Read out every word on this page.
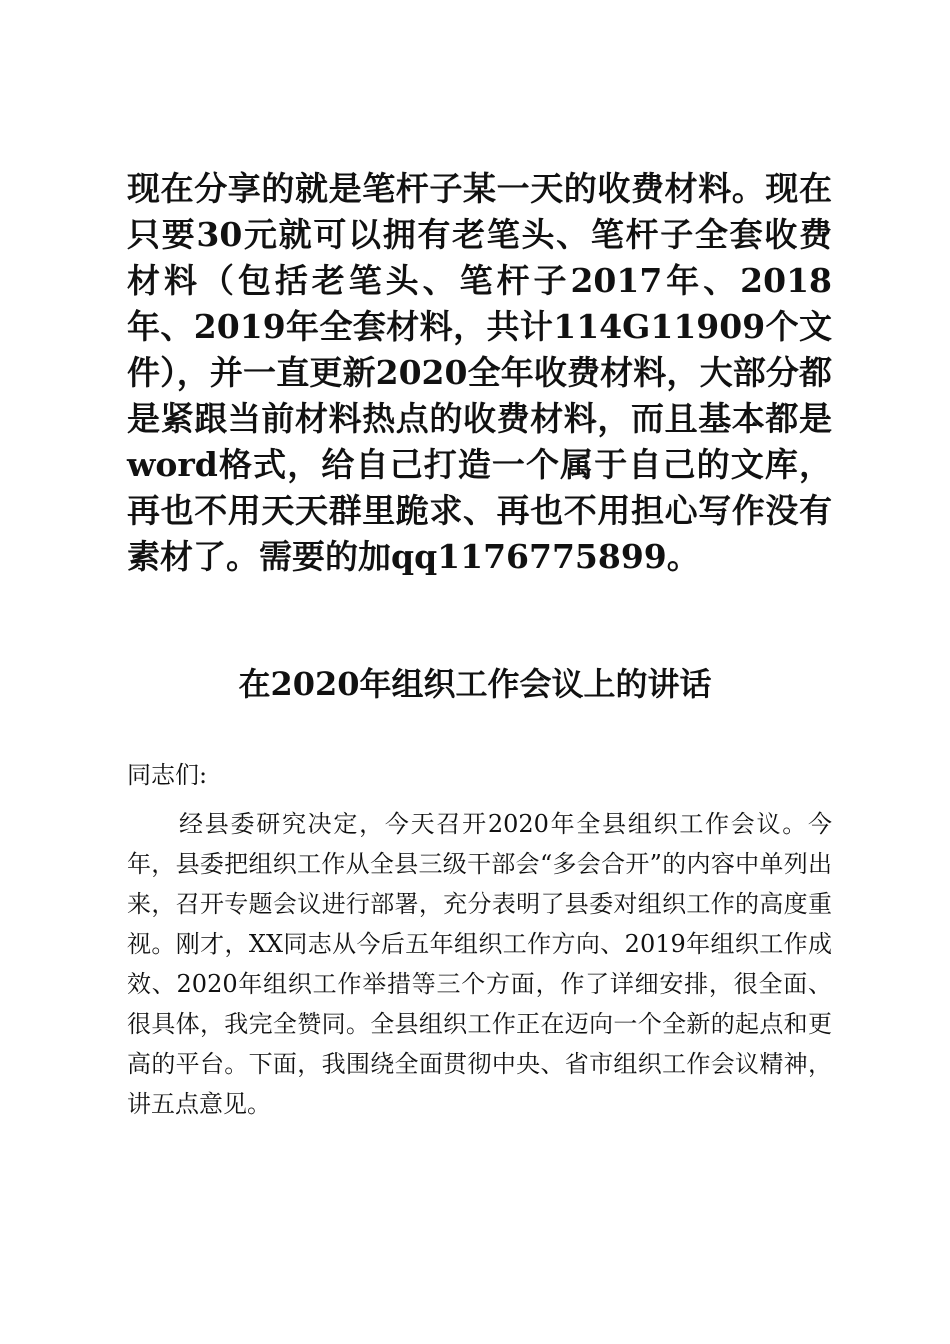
现在分享的就是笔杆子某一天的收费材料。现在只要30元就可以拥有老笔头、笔杆子全套收费材料（包括老笔头、笔杆子2017年、2018年、2019年全套材料，共计114G11909个文件），并一直更新2020全年收费材料，大部分都是紧跟当前材料热点的收费材料，而且基本都是word格式，给自己打造一个属于自己的文库，再也不用天天群里跪求、再也不用担心写作没有素材了。需要的加qq1176775899。

在2020年组织工作会议上的讲话

同志们:

经县委研究决定，今天召开2020年全县组织工作会议。今年，县委把组织工作从全县三级干部会“多会合开”的内容中单列出来，召开专题会议进行部署，充分表明了县委对组织工作的高度重视。刚才，XX同志从今后五年组织工作方向、2019年组织工作成效、2020年组织工作举措等三个方面，作了详细安排，很全面、很具体，我完全赞同。全县组织工作正在迈向一个全新的起点和更高的平台。下面，我围绕全面贯彻中央、省市组织工作会议精神，讲五点意见。
